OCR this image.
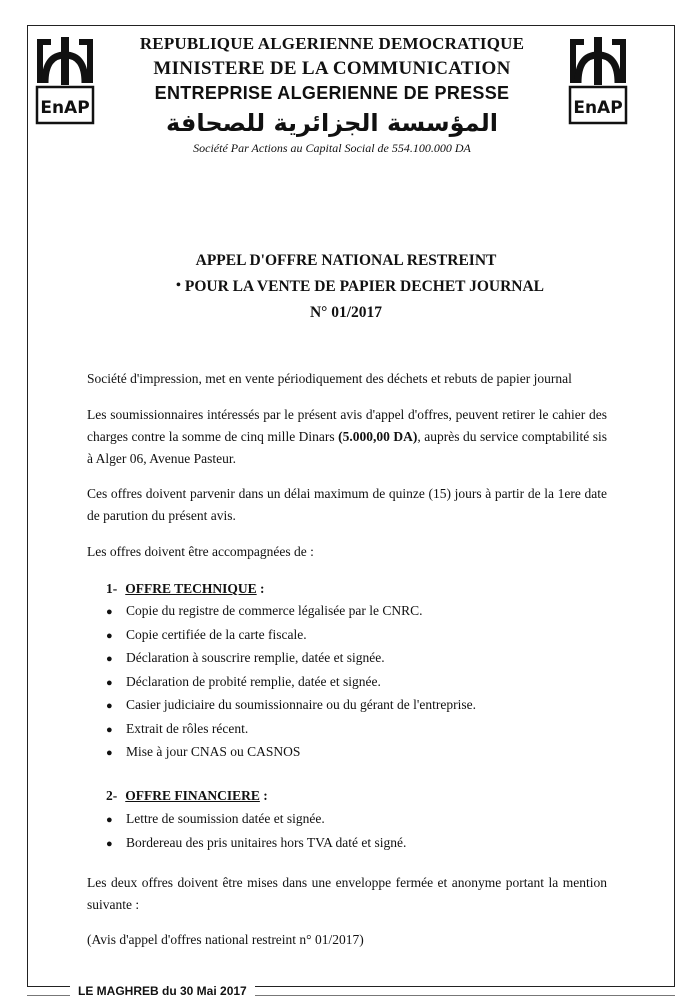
EnAP	EnAP
REPUBLIQUE ALGERIENNE DEMOCRATIQUE
MINISTERE DE LA COMMUNICATION
ENTREPRISE ALGERIENNE DE PRESSE
المؤسسة الجزائرية للصحافة
Société Par Actions au Capital Social de 554.100.000 DA
APPEL D'OFFRE NATIONAL RESTREINT
• POUR LA VENTE DE PAPIER DECHET JOURNAL
N° 01/2017
Société d'impression, met en vente périodiquement des déchets et rebuts de papier journal
Les soumissionnaires intéressés par le présent avis d'appel d'offres, peuvent retirer le cahier des charges contre la somme de cinq mille Dinars (5.000,00 DA), auprès du service comptabilité sis à Alger 06, Avenue Pasteur.
Ces offres doivent parvenir dans un délai maximum de quinze (15) jours à partir de la 1ere date de parution du présent avis.
Les offres doivent être accompagnées de :
1- OFFRE TECHNIQUE :
● Copie du registre de commerce légalisée par le CNRC.
● Copie certifiée de la carte fiscale.
● Déclaration à souscrire remplie, datée et signée.
● Déclaration de probité remplie, datée et signée.
● Casier judiciaire du soumissionnaire ou du gérant de l'entreprise.
● Extrait de rôles récent.
● Mise à jour CNAS ou CASNOS
2- OFFRE FINANCIERE :
● Lettre de soumission datée et signée.
● Bordereau des pris unitaires hors TVA daté et signé.
Les deux offres doivent être mises dans une enveloppe fermée et anonyme portant la mention suivante :
(Avis d'appel d'offres national restreint n° 01/2017)
LE MAGHREB du 30 Mai 2017
